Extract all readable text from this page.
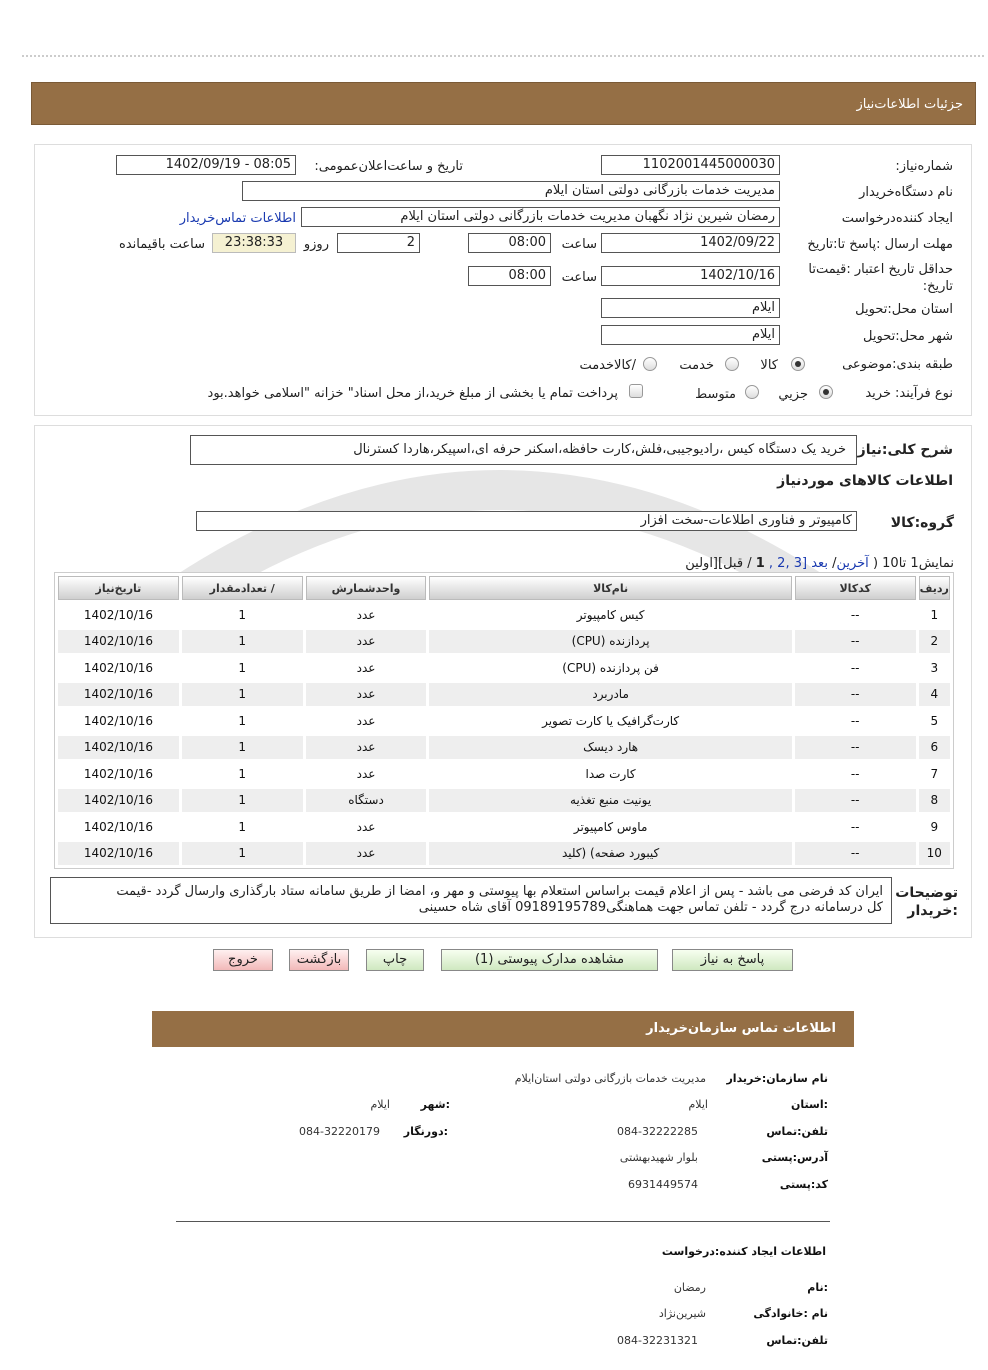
جزئیات اطلاعات‌نیاز
شماره‌نیاز:
1102001445000030
تاریخ و ساعت‌اعلان‌عمومی:
1402/09/19 - 08:05
نام دستگاه‌خریدار
مدیریت خدمات بازرگانی دولتی استان ایلام
ایجاد کننده‌درخواست
رمضان شیرین نژاد نگهبان مدیریت خدمات بازرگانی دولتی استان ایلام
اطلاعات تماس‌خریدار
مهلت ارسال :پاسخ تا:تاریخ
1402/09/22
ساعت
08:00
2
روزو
23:38:33
ساعت باقیمانده
حداقل تاریخ اعتبار :قیمت‌تا تاریخ:
1402/10/16
ساعت
08:00
استان محل:تحویل
ایلام
شهر محل:تحویل
ایلام
طبقه بندی:موضوعی
کالا
خدمت
/کالاخدمت
نوع فرآیند:
خرید
جزیي
متوسط
پرداخت تمام یا بخشی از مبلغ خرید،از محل اسناد" خزانه "اسلامی خواهد.بود
شرح کلی:نیاز
خرید یک دستگاه کیس ،رادیوجیبی،فلش،کارت حافظه،اسکنر حرفه ای،اسپیکر،هاردا کسترنال
اطلاعات کالاهای موردنیاز
گروه:کالا
کامپیوتر و فناوری اطلاعات-سخت افزار
نمایش1 تا10 ( آخرین/ بعد [3 ,2 , 1 / قبل][اولین
ردیف	کدکالا	نام‌کالا	واحدشمارش	/ تعدادمقدار	تاریخ‌نیاز
1	--	کیس کامپیوتر	عدد	1	1402/10/16
2	--	پردازنده (CPU)	عدد	1	1402/10/16
3	--	فن پردازنده (CPU)	عدد	1	1402/10/16
4	--	مادربرد	عدد	1	1402/10/16
5	--	کارت‌گرافیک یا کارت تصویر	عدد	1	1402/10/16
6	--	هارد دیسک	عدد	1	1402/10/16
7	--	کارت صدا	عدد	1	1402/10/16
8	--	یونیت منبع تغذیه	دستگاه	1	1402/10/16
9	--	ماوس کامپیوتر	عدد	1	1402/10/16
10	--	کیبورد صفحه) (کلید	عدد	1	1402/10/16
توضیحات
:خریدار
ایران کد فرضی می باشد - پس از اعلام قیمت براساس استعلام بها پیوستی و مهر و، امضا از طریق سامانه ستاد بارگذاری وارسال گردد -قیمت
کل درسامانه درج گردد - تلفن تماس جهت هماهنگی09189195789 آقای شاه حسینی
پاسخ به نیاز
مشاهده مدارک پیوستی (1)
چاپ
بازگشت
خروج
اطلاعات تماس سازمان‌خریدار
نام سازمان:خریدار
مدیریت خدمات بازرگانی دولتی استان‌ایلام
:استان
ایلام
:شهر
ایلام
تلفن:تماس
084-32222285
:دورنگار
084-32220179
آدرس:پستی
بلوار شهیدبهشتی
کد:پستی
6931449574
اطلاعات ایجاد کننده:درخواست
:نام
رمضان
نام :خانوادگی
شیرین‌نژاد
تلفن:تماس
084-32231321
